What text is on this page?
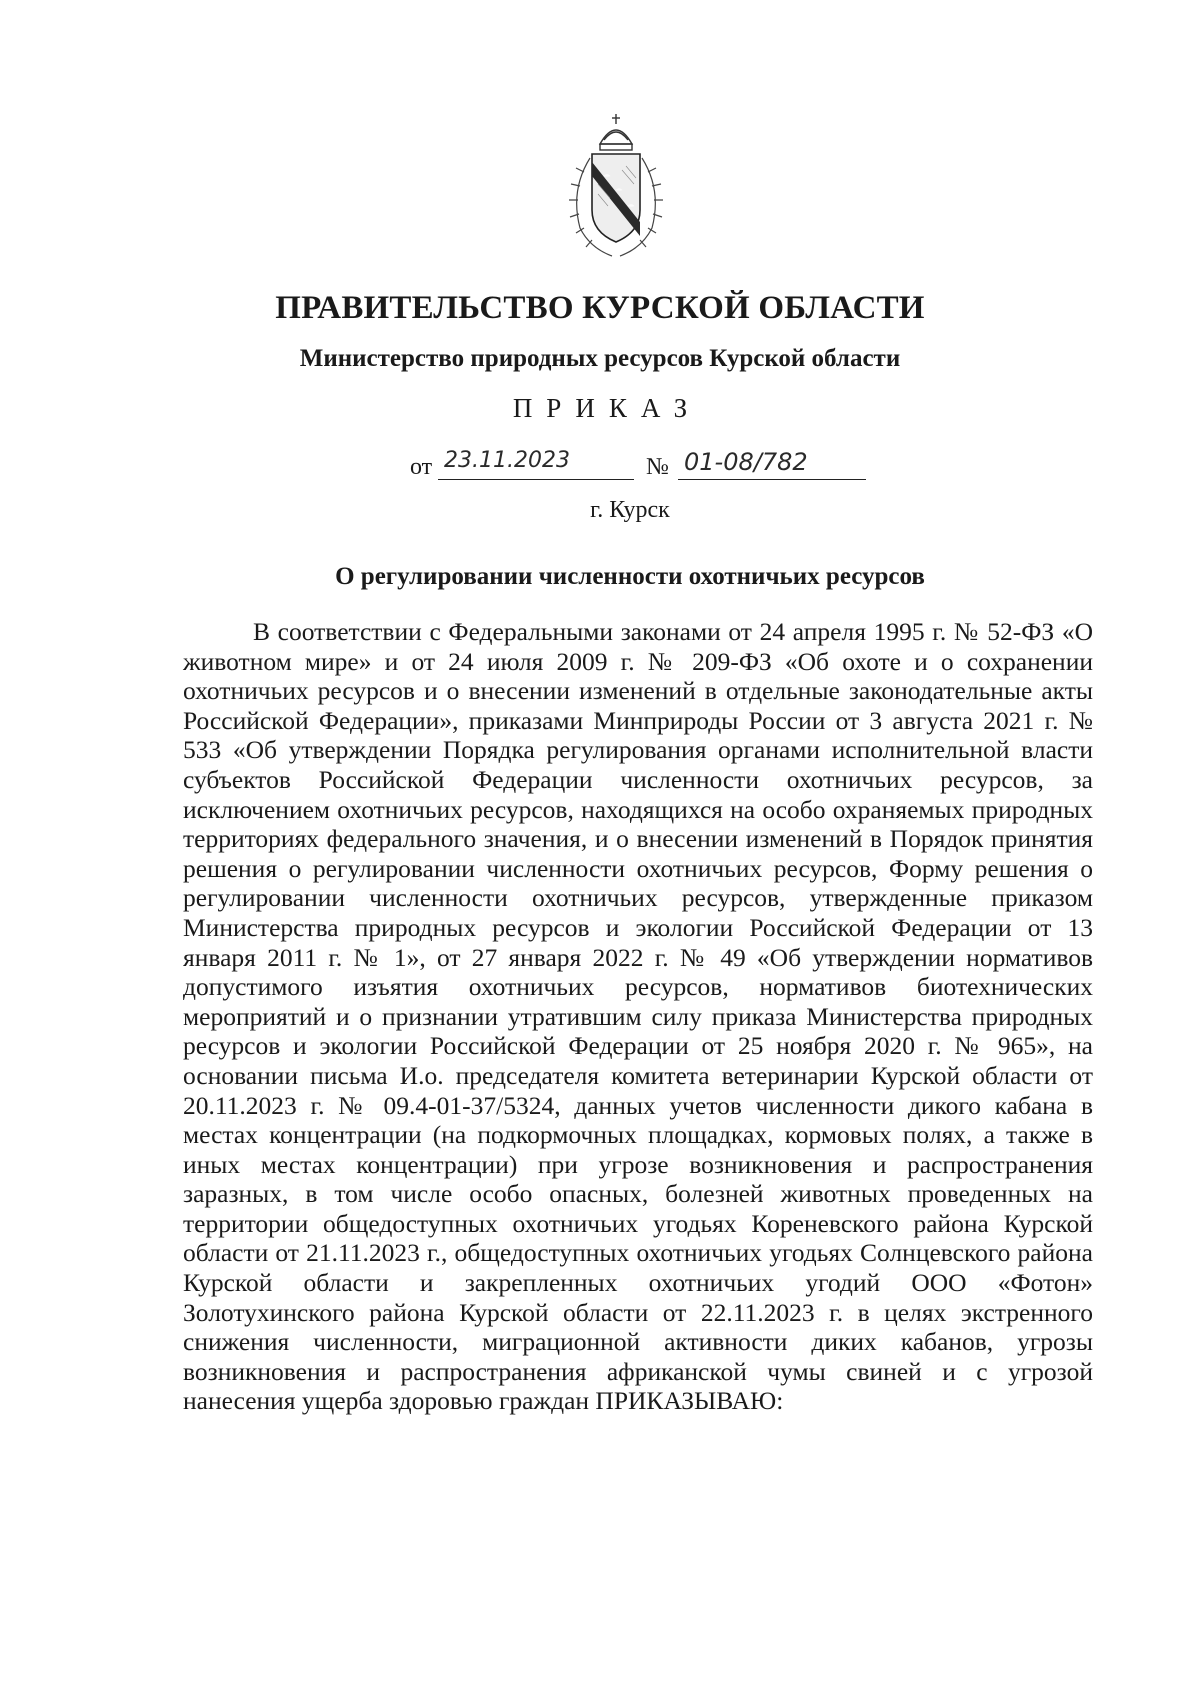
ПРАВИТЕЛЬСТВО КУРСКОЙ ОБЛАСТИ
Министерство природных ресурсов Курской области
ПРИКАЗ
от 23.11.2023	№ 01-08/782
г. Курск
О регулировании численности охотничьих ресурсов

В соответствии с Федеральными законами от 24 апреля 1995 г. № 52-ФЗ «О животном мире» и от 24 июля 2009 г. № 209-ФЗ «Об охоте и о сохранении охотничьих ресурсов и о внесении изменений в отдельные законодательные акты Российской Федерации», приказами Минприроды России от 3 августа 2021 г. № 533 «Об утверждении Порядка регулирования органами исполнительной власти субъектов Российской Федерации численности охотничьих ресурсов, за исключением охотничьих ресурсов, находящихся на особо охраняемых природных территориях федерального значения, и о внесении изменений в Порядок принятия решения о регулировании численности охотничьих ресурсов, Форму решения о регулировании численности охотничьих ресурсов, утвержденные приказом Министерства природных ресурсов и экологии Российской Федерации от 13 января 2011 г. № 1», от 27 января 2022 г. № 49 «Об утверждении нормативов допустимого изъятия охотничьих ресурсов, нормативов биотехнических мероприятий и о признании утратившим силу приказа Министерства природных ресурсов и экологии Российской Федерации от 25 ноября 2020 г. № 965», на основании письма И.о. председателя комитета ветеринарии Курской области от 20.11.2023 г. № 09.4-01-37/5324, данных учетов численности дикого кабана в местах концентрации (на подкормочных площадках, кормовых полях, а также в иных местах концентрации) при угрозе возникновения и распространения заразных, в том числе особо опасных, болезней животных проведенных на территории общедоступных охотничьих угодьях Кореневского района Курской области от 21.11.2023 г., общедоступных охотничьих угодьях Солнцевского района Курской области и закрепленных охотничьих угодий ООО «Фотон» Золотухинского района Курской области от 22.11.2023 г. в целях экстренного снижения численности, миграционной активности диких кабанов, угрозы возникновения и распространения африканской чумы свиней и с угрозой нанесения ущерба здоровью граждан ПРИКАЗЫВАЮ:
